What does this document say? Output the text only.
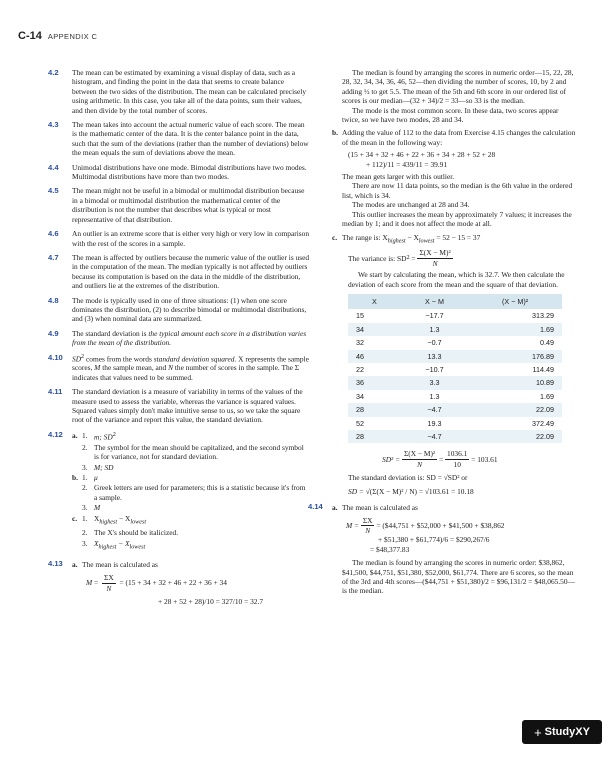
C-14 APPENDIX C
4.2	The mean can be estimated by examining a visual display of data, such as a histogram, and finding the point in the data that seems to create balance between the two sides of the distribution. The mean can be calculated precisely using arithmetic. In this case, you take all of the data points, sum their values, and then divide by the total number of scores.

4.3	The mean takes into account the actual numeric value of each score. The mean is the mathematic center of the data. It is the center balance point in the data, such that the sum of the deviations (rather than the number of deviations) below the mean equals the sum of deviations above the mean.

4.4	Unimodal distributions have one mode. Bimodal distributions have two modes. Multimodal distributions have more than two modes.

4.5	The mean might not be useful in a bimodal or multimodal distribution because in a bimodal or multimodal distribution the mathematical center of the distribution is not the number that describes what is typical or most representative of that distribution.

4.6	An outlier is an extreme score that is either very high or very low in comparison with the rest of the scores in a sample.

4.7	The mean is affected by outliers because the numeric value of the outlier is used in the computation of the mean. The median typically is not affected by outliers because its computation is based on the data in the middle of the distribution, and outliers lie at the extremes of the distribution.

4.8	The mode is typically used in one of three situations: (1) when one score dominates the distribution, (2) to describe bimodal or multimodal distributions, and (3) when nominal data are summarized.

4.9	The standard deviation is the typical amount each score in a distribution varies from the mean of the distribution.

4.10	$SD^2$ comes from the words standard deviation squared. X represents the sample scores, M the sample mean, and N the number of scores in the sample. The Σ indicates that values need to be summed.

4.11	The standard deviation is a measure of variability in terms of the values of the measure used to assess the variable, whereas the variance is squared values. Squared values simply don't make intuitive sense to us, so we take the square root of the variance and report this value, the standard deviation.

4.12	a. 1. m; $SD^2$
2. The symbol for the mean should be capitalized, and the second symbol is for variance, not for standard deviation.
3. M; SD
b. 1. μ
2. Greek letters are used for parameters; this is a statistic because it's from a sample.
3. M
c. 1. $X_{highest} - X_{lowest}$
2. The X's should be italicized.
3. $X_{highest} - X_{lowest}$
4.13	a. The mean is calculated as
$M = \frac{\Sigma X}{N} = (15 + 34 + 32 + 46 + 22 + 36 + 34$
+ 28 + 52 + 28)/10 = 327/10 = 32.7

The median is found by arranging the scores in numeric order—15, 22, 28, 28, 32, 34, 34, 36, 46, 52—then dividing the number of scores, 10, by 2 and adding ½ to get 5.5. The mean of the 5th and 6th score in our ordered list of scores is our median—(32 + 34)/2 = 33—so 33 is the median.

The mode is the most common score. In these data, two scores appear twice, so we have two modes, 28 and 34.

b. Adding the value of 112 to the data from Exercise 4.15 changes the calculation of the mean in the following way:
(15 + 34 + 32 + 46 + 22 + 36 + 34 + 28 + 52 + 28
+ 112)/11 = 439/11 = 39.91

The mean gets larger with this outlier.

There are now 11 data points, so the median is the 6th value in the ordered list, which is 34.

The modes are unchanged at 28 and 34.

This outlier increases the mean by approximately 7 values; it increases the median by 1; and it does not affect the mode at all.

c. The range is: $X_{highest} - X_{lowest} = 52 - 15 = 37$
The variance is: SD $2 = \frac{\text{Σ(X − M)²}}{N}$

We start by calculating the mean, which is 32.7. We then calculate the deviation of each score from the mean and the square of that deviation.

X	X − M	(X − M)²
15	−17.7	313.29
34	1.3	1.69
32	−0.7	0.49
46	13.3	176.89
22	−10.7	114.49
36	3.3	10.89
34	1.3	1.69
28	−4.7	22.09
52	19.3	372.49
28	−4.7	22.09
$SD^2 = \frac{\text{Σ(X − M)²}}{N} = \frac{1036.1}{10} = 103.61$

The standard deviation is: SD = √SD² or

SD = √(Σ(X − M)² / N) = √103.61 = 10.18
4.14	a. The mean is calculated as
$M = \frac{\Sigma X}{N}$ = ($44,751 + $52,000 + $41,500 + $38,862
+ $51,380 + $61,774)/6 = $290,267/6
= $48,377.83

The median is found by arranging the scores in numeric order: $38,862, $41,500, $44,751, $51,380, $52,000, $61,774. There are 6 scores, so the mean of the 3rd and 4th scores—($44,751 + $51,380)/2 = $96,131/2 = $48,065.50—is the median.

+ StudyXY
